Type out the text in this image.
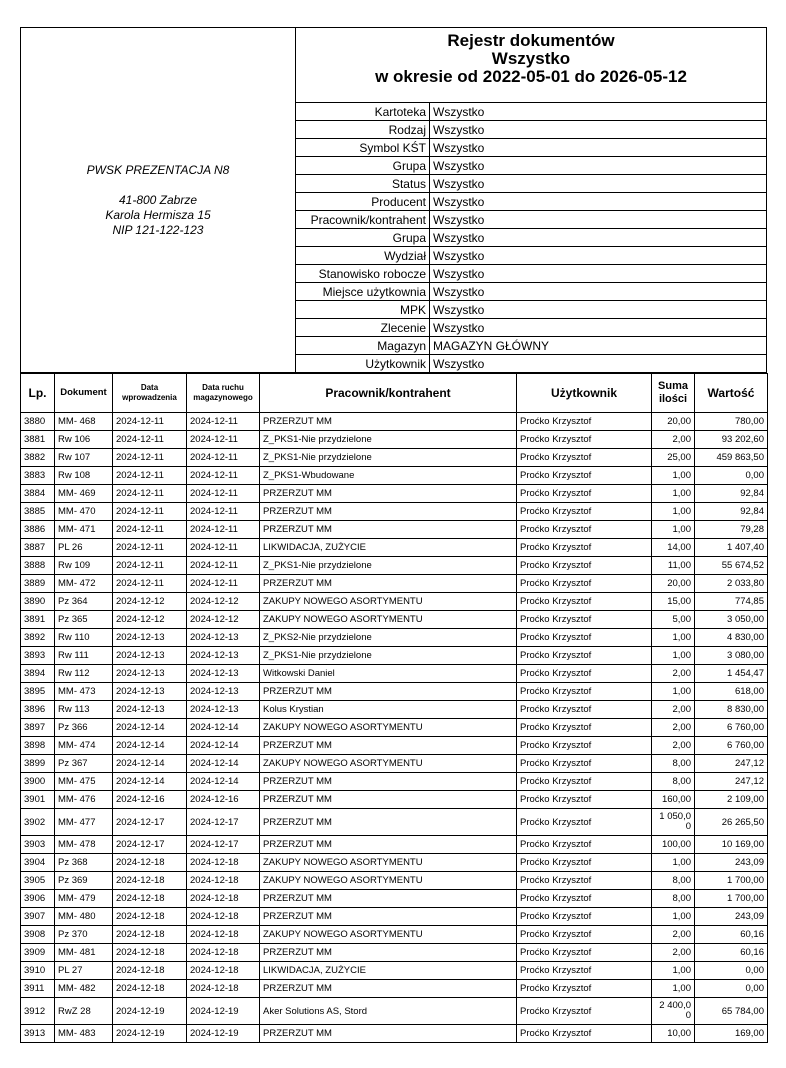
PWSK PREZENTACJA N8
41-800 Zabrze
Karola Hermisza 15
NIP 121-122-123

Rejestr dokumentów
Wszystko
w okresie od 2022-05-01 do 2026-05-12
Kartoteka	Wszystko
Rodzaj	Wszystko
Symbol KŚT	Wszystko
Grupa	Wszystko
Status	Wszystko
Producent	Wszystko
Pracownik/kontrahent	Wszystko
Grupa	Wszystko
Wydział	Wszystko
Stanowisko robocze	Wszystko
Miejsce użytkownia	Wszystko
MPK	Wszystko
Zlecenie	Wszystko
Magazyn	MAGAZYN GŁÓWNY
Użytkownik	Wszystko
Lp.	Dokument	Data wprowadzenia	Data ruchu magazynowego	Pracownik/kontrahent	Użytkownik	Suma ilości	Wartość
3880	MM- 468	2024-12-11	2024-12-11	PRZERZUT MM	Proćko Krzysztof	20,00	780,00
3881	Rw 106	2024-12-11	2024-12-11	Z_PKS1-Nie przydzielone	Proćko Krzysztof	2,00	93 202,60
3882	Rw 107	2024-12-11	2024-12-11	Z_PKS1-Nie przydzielone	Proćko Krzysztof	25,00	459 863,50
3883	Rw 108	2024-12-11	2024-12-11	Z_PKS1-Wbudowane	Proćko Krzysztof	1,00	0,00
3884	MM- 469	2024-12-11	2024-12-11	PRZERZUT MM	Proćko Krzysztof	1,00	92,84
3885	MM- 470	2024-12-11	2024-12-11	PRZERZUT MM	Proćko Krzysztof	1,00	92,84
3886	MM- 471	2024-12-11	2024-12-11	PRZERZUT MM	Proćko Krzysztof	1,00	79,28
3887	PL 26	2024-12-11	2024-12-11	LIKWIDACJA, ZUŻYCIE	Proćko Krzysztof	14,00	1 407,40
3888	Rw 109	2024-12-11	2024-12-11	Z_PKS1-Nie przydzielone	Proćko Krzysztof	11,00	55 674,52
3889	MM- 472	2024-12-11	2024-12-11	PRZERZUT MM	Proćko Krzysztof	20,00	2 033,80
3890	Pz 364	2024-12-12	2024-12-12	ZAKUPY NOWEGO ASORTYMENTU	Proćko Krzysztof	15,00	774,85
3891	Pz 365	2024-12-12	2024-12-12	ZAKUPY NOWEGO ASORTYMENTU	Proćko Krzysztof	5,00	3 050,00
3892	Rw 110	2024-12-13	2024-12-13	Z_PKS2-Nie przydzielone	Proćko Krzysztof	1,00	4 830,00
3893	Rw 111	2024-12-13	2024-12-13	Z_PKS1-Nie przydzielone	Proćko Krzysztof	1,00	3 080,00
3894	Rw 112	2024-12-13	2024-12-13	Witkowski Daniel	Proćko Krzysztof	2,00	1 454,47
3895	MM- 473	2024-12-13	2024-12-13	PRZERZUT MM	Proćko Krzysztof	1,00	618,00
3896	Rw 113	2024-12-13	2024-12-13	Kolus Krystian	Proćko Krzysztof	2,00	8 830,00
3897	Pz 366	2024-12-14	2024-12-14	ZAKUPY NOWEGO ASORTYMENTU	Proćko Krzysztof	2,00	6 760,00
3898	MM- 474	2024-12-14	2024-12-14	PRZERZUT MM	Proćko Krzysztof	2,00	6 760,00
3899	Pz 367	2024-12-14	2024-12-14	ZAKUPY NOWEGO ASORTYMENTU	Proćko Krzysztof	8,00	247,12
3900	MM- 475	2024-12-14	2024-12-14	PRZERZUT MM	Proćko Krzysztof	8,00	247,12
3901	MM- 476	2024-12-16	2024-12-16	PRZERZUT MM	Proćko Krzysztof	160,00	2 109,00
3902	MM- 477	2024-12-17	2024-12-17	PRZERZUT MM	Proćko Krzysztof	1 050,00	26 265,50
3903	MM- 478	2024-12-17	2024-12-17	PRZERZUT MM	Proćko Krzysztof	100,00	10 169,00
3904	Pz 368	2024-12-18	2024-12-18	ZAKUPY NOWEGO ASORTYMENTU	Proćko Krzysztof	1,00	243,09
3905	Pz 369	2024-12-18	2024-12-18	ZAKUPY NOWEGO ASORTYMENTU	Proćko Krzysztof	8,00	1 700,00
3906	MM- 479	2024-12-18	2024-12-18	PRZERZUT MM	Proćko Krzysztof	8,00	1 700,00
3907	MM- 480	2024-12-18	2024-12-18	PRZERZUT MM	Proćko Krzysztof	1,00	243,09
3908	Pz 370	2024-12-18	2024-12-18	ZAKUPY NOWEGO ASORTYMENTU	Proćko Krzysztof	2,00	60,16
3909	MM- 481	2024-12-18	2024-12-18	PRZERZUT MM	Proćko Krzysztof	2,00	60,16
3910	PL 27	2024-12-18	2024-12-18	LIKWIDACJA, ZUŻYCIE	Proćko Krzysztof	1,00	0,00
3911	MM- 482	2024-12-18	2024-12-18	PRZERZUT MM	Proćko Krzysztof	1,00	0,00
3912	RwZ 28	2024-12-19	2024-12-19	Aker Solutions AS, Stord	Proćko Krzysztof	2 400,00	65 784,00
3913	MM- 483	2024-12-19	2024-12-19	PRZERZUT MM	Proćko Krzysztof	10,00	169,00
